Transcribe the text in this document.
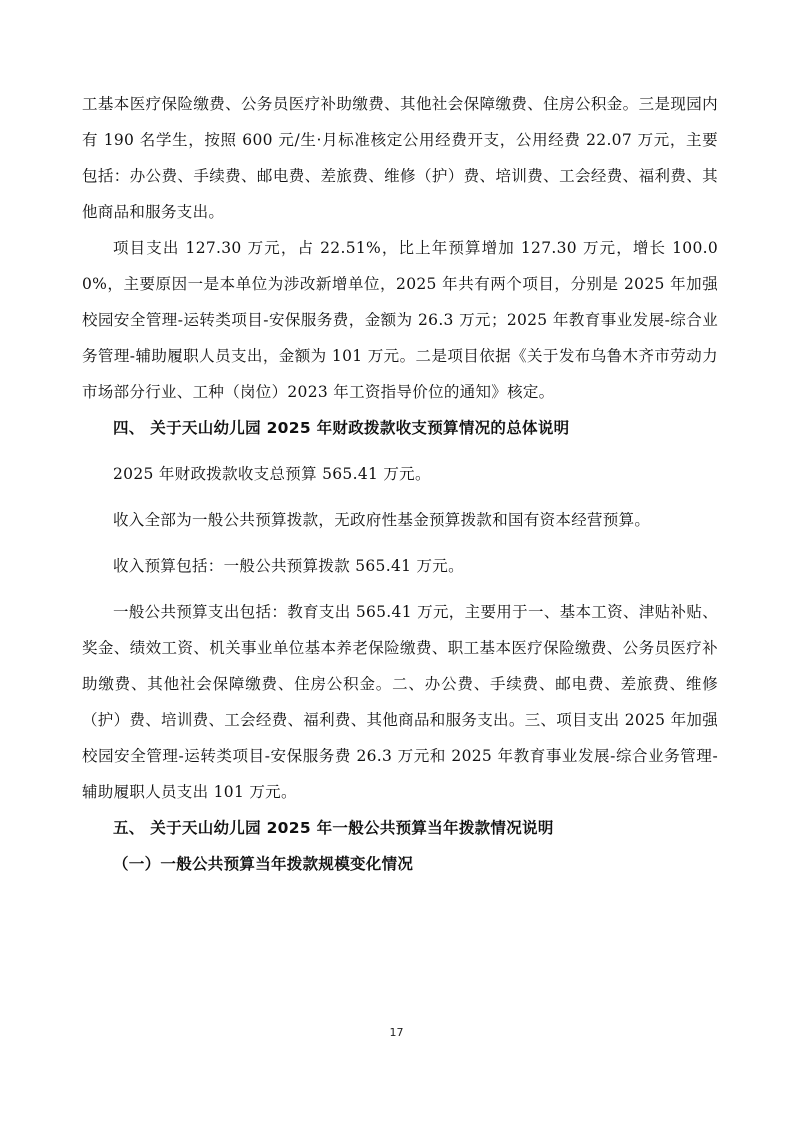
工基本医疗保险缴费、公务员医疗补助缴费、其他社会保障缴费、住房公积金。三是现园内有 190 名学生，按照 600 元/生·月标准核定公用经费开支，公用经费 22.07 万元，主要包括：办公费、手续费、邮电费、差旅费、维修（护）费、培训费、工会经费、福利费、其他商品和服务支出。

项目支出 127.30 万元，占 22.51%，比上年预算增加 127.30 万元，增长 100.00%，主要原因一是本单位为涉改新增单位，2025 年共有两个项目，分别是 2025 年加强校园安全管理-运转类项目-安保服务费，金额为 26.3 万元；2025 年教育事业发展-综合业务管理-辅助履职人员支出，金额为 101 万元。二是项目依据《关于发布乌鲁木齐市劳动力市场部分行业、工种（岗位）2023 年工资指导价位的通知》核定。

四、 关于天山幼儿园 2025 年财政拨款收支预算情况的总体说明

2025 年财政拨款收支总预算 565.41 万元。

收入全部为一般公共预算拨款，无政府性基金预算拨款和国有资本经营预算。

收入预算包括：一般公共预算拨款 565.41 万元。

一般公共预算支出包括：教育支出 565.41 万元，主要用于一、基本工资、津贴补贴、奖金、绩效工资、机关事业单位基本养老保险缴费、职工基本医疗保险缴费、公务员医疗补助缴费、其他社会保障缴费、住房公积金。二、办公费、手续费、邮电费、差旅费、维修（护）费、培训费、工会经费、福利费、其他商品和服务支出。三、项目支出 2025 年加强校园安全管理-运转类项目-安保服务费 26.3 万元和 2025 年教育事业发展-综合业务管理-辅助履职人员支出 101 万元。

五、 关于天山幼儿园 2025 年一般公共预算当年拨款情况说明

（一）一般公共预算当年拨款规模变化情况

17
